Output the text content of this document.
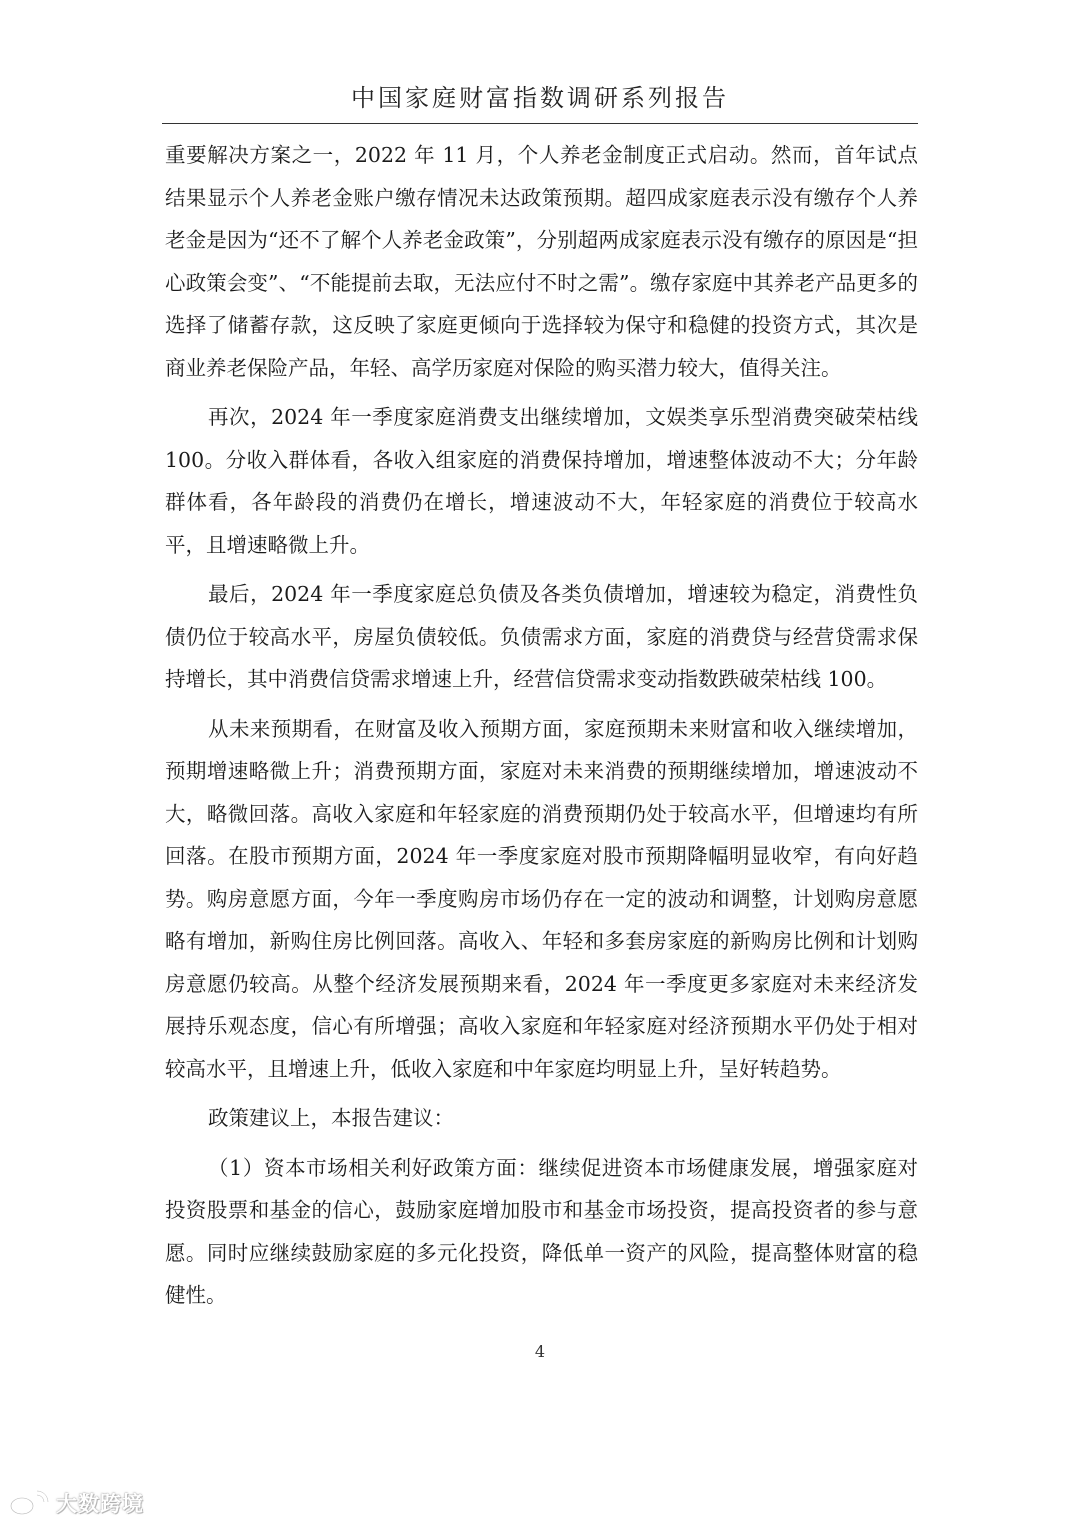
中国家庭财富指数调研系列报告

重要解决方案之一，2022 年 11 月，个人养老金制度正式启动。然而，首年试点结果显示个人养老金账户缴存情况未达政策预期。超四成家庭表示没有缴存个人养老金是因为“还不了解个人养老金政策”，分别超两成家庭表示没有缴存的原因是“担心政策会变”、“不能提前去取，无法应付不时之需”。缴存家庭中其养老产品更多的选择了储蓄存款，这反映了家庭更倾向于选择较为保守和稳健的投资方式，其次是商业养老保险产品，年轻、高学历家庭对保险的购买潜力较大，值得关注。

再次，2024 年一季度家庭消费支出继续增加，文娱类享乐型消费突破荣枯线 100。分收入群体看，各收入组家庭的消费保持增加，增速整体波动不大；分年龄群体看，各年龄段的消费仍在增长，增速波动不大，年轻家庭的消费位于较高水平，且增速略微上升。

最后，2024 年一季度家庭总负债及各类负债增加，增速较为稳定，消费性负债仍位于较高水平，房屋负债较低。负债需求方面，家庭的消费贷与经营贷需求保持增长，其中消费信贷需求增速上升，经营信贷需求变动指数跌破荣枯线 100。

从未来预期看，在财富及收入预期方面，家庭预期未来财富和收入继续增加，预期增速略微上升；消费预期方面，家庭对未来消费的预期继续增加，增速波动不大，略微回落。高收入家庭和年轻家庭的消费预期仍处于较高水平，但增速均有所回落。在股市预期方面，2024 年一季度家庭对股市预期降幅明显收窄，有向好趋势。购房意愿方面，今年一季度购房市场仍存在一定的波动和调整，计划购房意愿略有增加，新购住房比例回落。高收入、年轻和多套房家庭的新购房比例和计划购房意愿仍较高。从整个经济发展预期来看，2024 年一季度更多家庭对未来经济发展持乐观态度，信心有所增强；高收入家庭和年轻家庭对经济预期水平仍处于相对较高水平，且增速上升，低收入家庭和中年家庭均明显上升，呈好转趋势。

政策建议上，本报告建议：

（1）资本市场相关利好政策方面：继续促进资本市场健康发展，增强家庭对投资股票和基金的信心，鼓励家庭增加股市和基金市场投资，提高投资者的参与意愿。同时应继续鼓励家庭的多元化投资，降低单一资产的风险，提高整体财富的稳健性。

4
大数跨境
